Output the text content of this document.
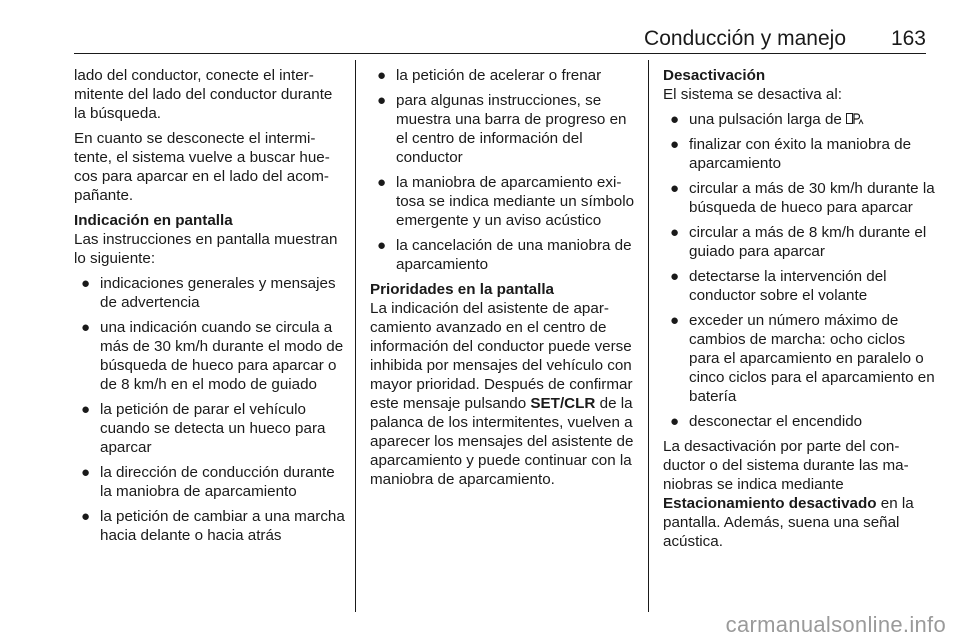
Conducción y manejo 163

lado del conductor, conecte el intermitente del lado del conductor durante la búsqueda.

En cuanto se desconecte el intermitente, el sistema vuelve a buscar huecos para aparcar en el lado del acompañante.

Indicación en pantalla

Las instrucciones en pantalla muestran lo siguiente:

● indicaciones generales y mensajes de advertencia
● una indicación cuando se circula a más de 30 km/h durante el modo de búsqueda de hueco para aparcar o de 8 km/h en el modo de guiado
● la petición de parar el vehículo cuando se detecta un hueco para aparcar
● la dirección de conducción durante la maniobra de aparcamiento
● la petición de cambiar a una marcha hacia delante o hacia atrás
● la petición de acelerar o frenar
● para algunas instrucciones, se muestra una barra de progreso en el centro de información del conductor
● la maniobra de aparcamiento exitosa se indica mediante un símbolo emergente y un aviso acústico
● la cancelación de una maniobra de aparcamiento
Prioridades en la pantalla

La indicación del asistente de aparcamiento avanzado en el centro de información del conductor puede verse inhibida por mensajes del vehículo con mayor prioridad. Después de confirmar este mensaje pulsando SET/CLR de la palanca de los intermitentes, vuelven a aparecer los mensajes del asistente de aparcamiento y puede continuar con la maniobra de aparcamiento.

Desactivación

El sistema se desactiva al:

● una pulsación larga de
● finalizar con éxito la maniobra de aparcamiento
● circular a más de 30 km/h durante la búsqueda de hueco para aparcar
● circular a más de 8 km/h durante el guiado para aparcar
● detectarse la intervención del conductor sobre el volante
● exceder un número máximo de cambios de marcha: ocho ciclos para el aparcamiento en paralelo o cinco ciclos para el aparcamiento en batería
● desconectar el encendido

La desactivación por parte del conductor o del sistema durante las maniobras se indica mediante Estacionamiento desactivado en la pantalla. Además, suena una señal acústica.

carmanualsonline.info
